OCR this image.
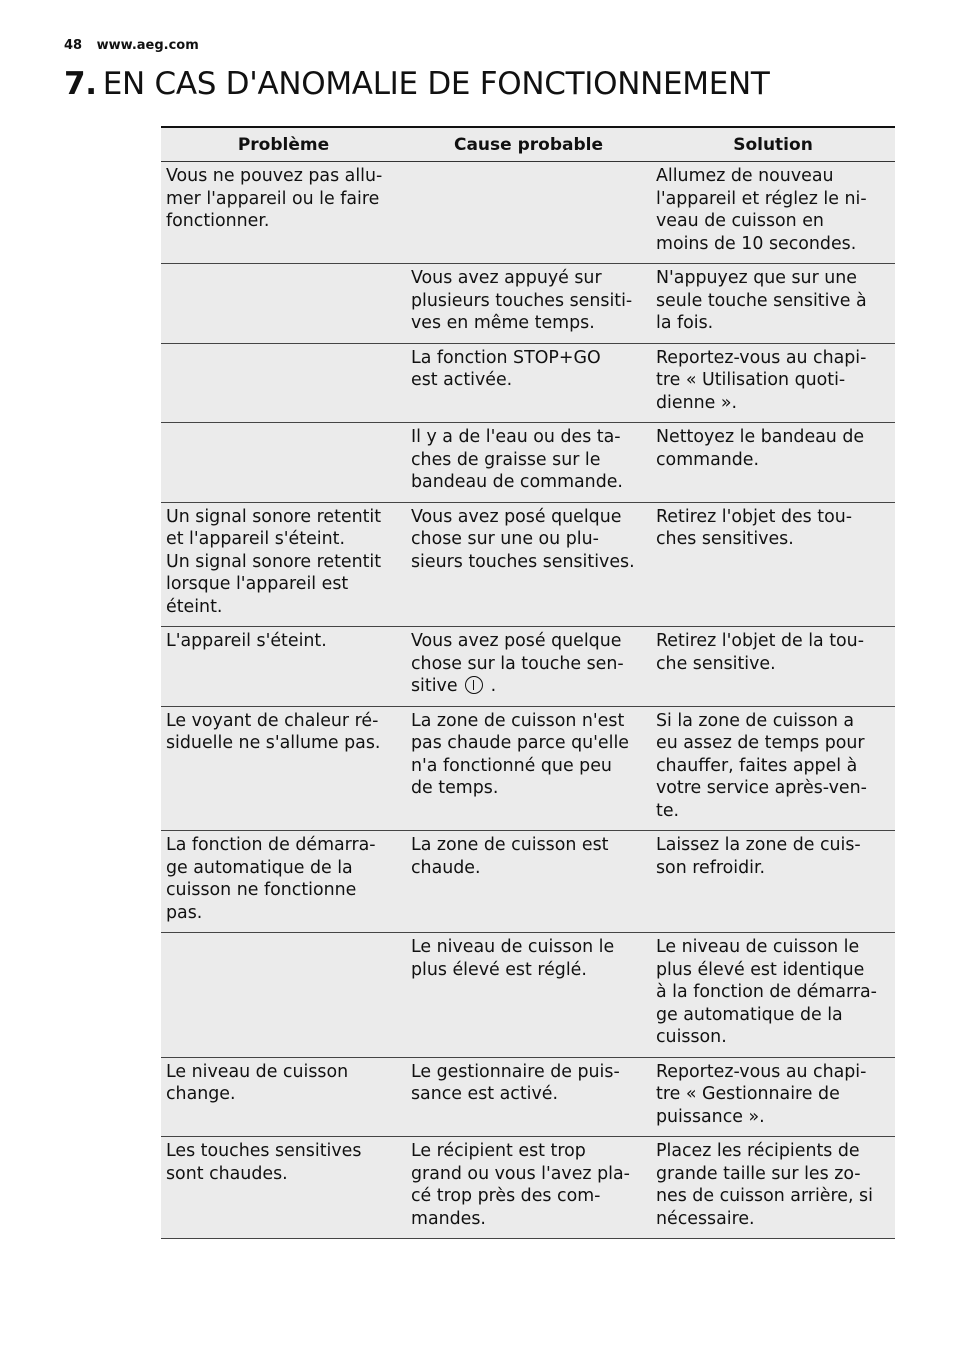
48 www.aeg.com
7. EN CAS D'ANOMALIE DE FONCTIONNEMENT
Problème	Cause probable	Solution
Vous ne pouvez pas allu-
mer l'appareil ou le faire
fonctionner.		Allumez de nouveau
l'appareil et réglez le ni-
veau de cuisson en
moins de 10 secondes.
	Vous avez appuyé sur
plusieurs touches sensiti-
ves en même temps.	N'appuyez que sur une
seule touche sensitive à
la fois.
	La fonction STOP+GO
est activée.	Reportez-vous au chapi-
tre « Utilisation quoti-
dienne ».
	Il y a de l'eau ou des ta-
ches de graisse sur le
bandeau de commande.	Nettoyez le bandeau de
commande.
Un signal sonore retentit
et l'appareil s'éteint.
Un signal sonore retentit
lorsque l'appareil est
éteint.	Vous avez posé quelque
chose sur une ou plu-
sieurs touches sensitives.	Retirez l'objet des tou-
ches sensitives.
L'appareil s'éteint.	Vous avez posé quelque
chose sur la touche sen-
sitive .	Retirez l'objet de la tou-
che sensitive.
Le voyant de chaleur ré-
siduelle ne s'allume pas.	La zone de cuisson n'est
pas chaude parce qu'elle
n'a fonctionné que peu
de temps.	Si la zone de cuisson a
eu assez de temps pour
chauffer, faites appel à
votre service après-ven-
te.
La fonction de démarra-
ge automatique de la
cuisson ne fonctionne
pas.	La zone de cuisson est
chaude.	Laissez la zone de cuis-
son refroidir.
	Le niveau de cuisson le
plus élevé est réglé.	Le niveau de cuisson le
plus élevé est identique
à la fonction de démarra-
ge automatique de la
cuisson.
Le niveau de cuisson
change.	Le gestionnaire de puis-
sance est activé.	Reportez-vous au chapi-
tre « Gestionnaire de
puissance ».
Les touches sensitives
sont chaudes.	Le récipient est trop
grand ou vous l'avez pla-
cé trop près des com-
mandes.	Placez les récipients de
grande taille sur les zo-
nes de cuisson arrière, si
nécessaire.
